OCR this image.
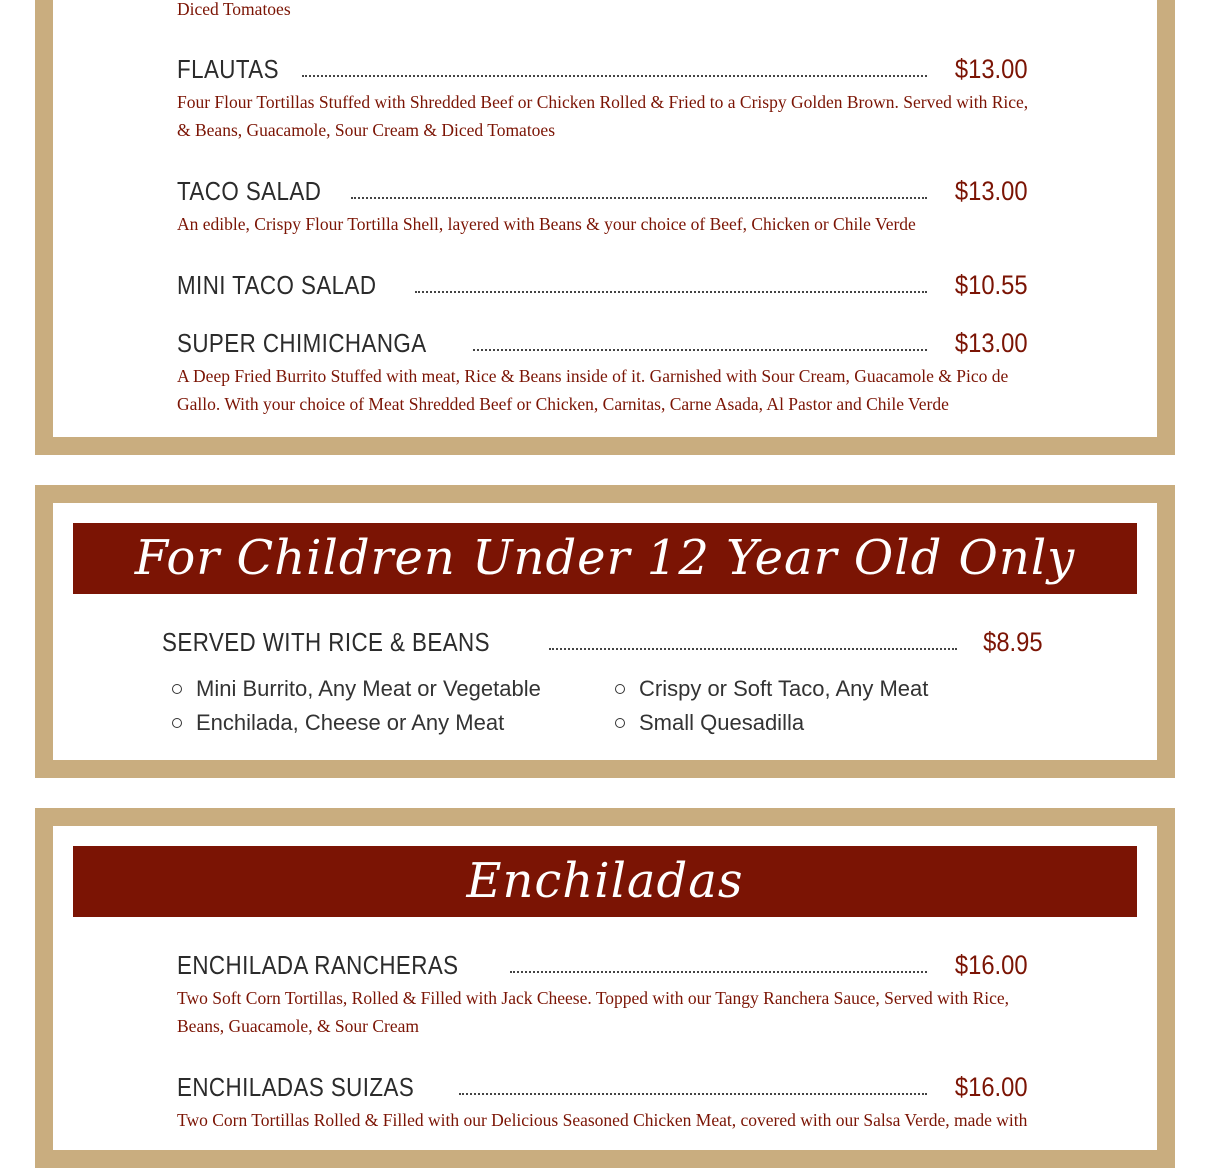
Diced Tomatoes
FLAUTAS	$13.00
Four Flour Tortillas Stuffed with Shredded Beef or Chicken Rolled & Fried to a Crispy Golden Brown. Served with Rice, & Beans, Guacamole, Sour Cream & Diced Tomatoes
TACO SALAD	$13.00
An edible, Crispy Flour Tortilla Shell, layered with Beans & your choice of Beef, Chicken or Chile Verde
MINI TACO SALAD	$10.55
SUPER CHIMICHANGA	$13.00
A Deep Fried Burrito Stuffed with meat, Rice & Beans inside of it. Garnished with Sour Cream, Guacamole & Pico de Gallo. With your choice of Meat Shredded Beef or Chicken, Carnitas, Carne Asada, Al Pastor and Chile Verde
For Children Under 12 Year Old Only
SERVED WITH RICE & BEANS	$8.95
Mini Burrito, Any Meat or Vegetable
Enchilada, Cheese or Any Meat
Crispy or Soft Taco, Any Meat
Small Quesadilla
Enchiladas
ENCHILADA RANCHERAS	$16.00
Two Soft Corn Tortillas, Rolled & Filled with Jack Cheese. Topped with our Tangy Ranchera Sauce, Served with Rice, Beans, Guacamole, & Sour Cream
ENCHILADAS SUIZAS	$16.00
Two Corn Tortillas Rolled & Filled with our Delicious Seasoned Chicken Meat, covered with our Salsa Verde, made with
